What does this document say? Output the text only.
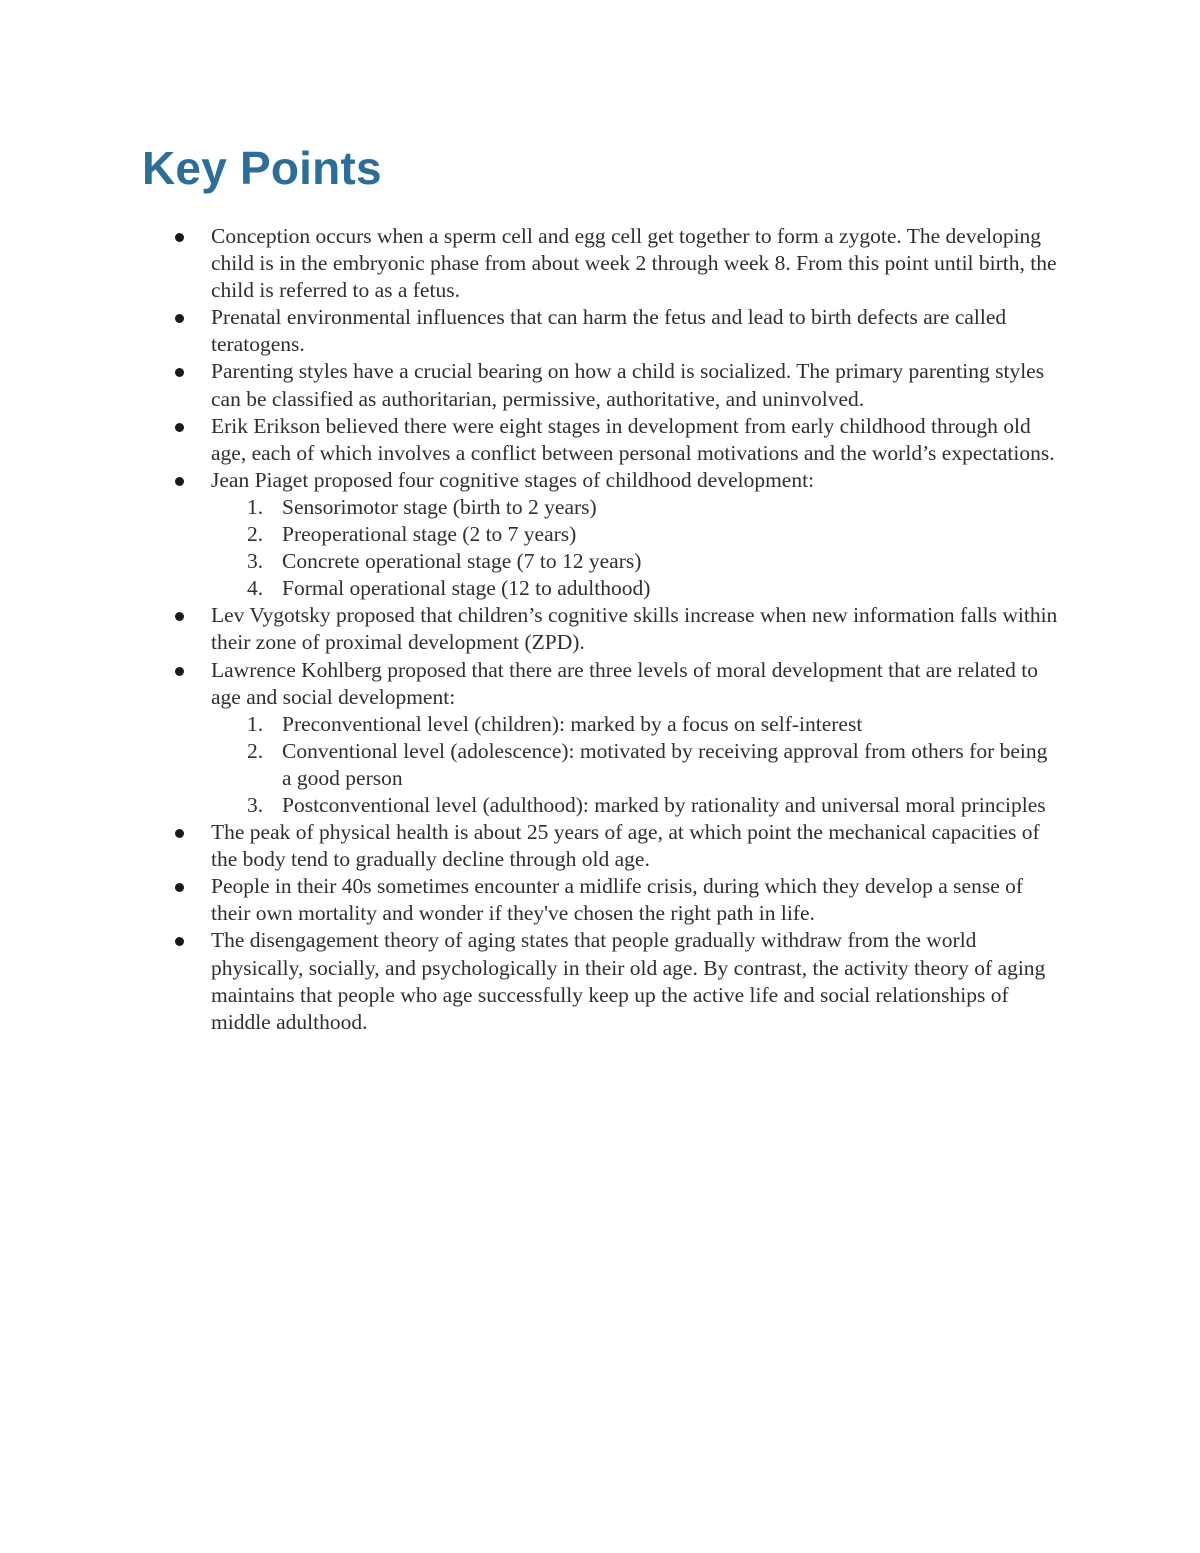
Key Points
Conception occurs when a sperm cell and egg cell get together to form a zygote. The developing child is in the embryonic phase from about week 2 through week 8. From this point until birth, the child is referred to as a fetus.
Prenatal environmental influences that can harm the fetus and lead to birth defects are called teratogens.
Parenting styles have a crucial bearing on how a child is socialized. The primary parenting styles can be classified as authoritarian, permissive, authoritative, and uninvolved.
Erik Erikson believed there were eight stages in development from early childhood through old age, each of which involves a conflict between personal motivations and the world’s expectations.
Jean Piaget proposed four cognitive stages of childhood development:
1. Sensorimotor stage (birth to 2 years)
2. Preoperational stage (2 to 7 years)
3. Concrete operational stage (7 to 12 years)
4. Formal operational stage (12 to adulthood)
Lev Vygotsky proposed that children’s cognitive skills increase when new information falls within their zone of proximal development (ZPD).
Lawrence Kohlberg proposed that there are three levels of moral development that are related to age and social development:
1. Preconventional level (children): marked by a focus on self-interest
2. Conventional level (adolescence): motivated by receiving approval from others for being a good person
3. Postconventional level (adulthood): marked by rationality and universal moral principles
The peak of physical health is about 25 years of age, at which point the mechanical capacities of the body tend to gradually decline through old age.
People in their 40s sometimes encounter a midlife crisis, during which they develop a sense of their own mortality and wonder if they've chosen the right path in life.
The disengagement theory of aging states that people gradually withdraw from the world physically, socially, and psychologically in their old age. By contrast, the activity theory of aging maintains that people who age successfully keep up the active life and social relationships of middle adulthood.
